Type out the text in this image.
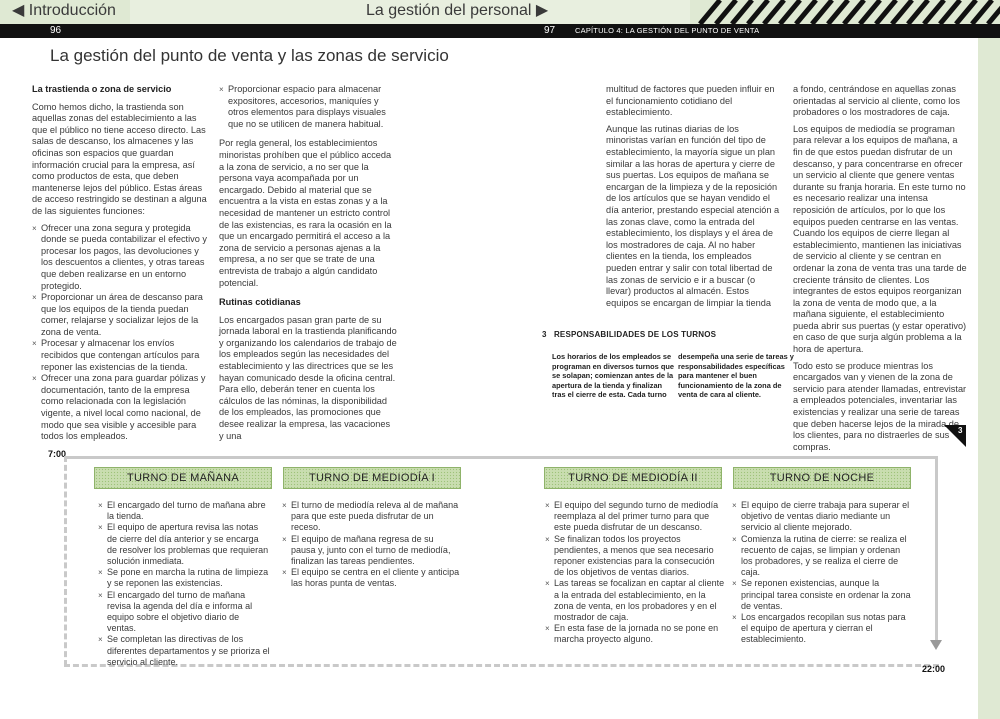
◀ Introducción	La gestión del personal ▶
96	97	CAPÍTULO 4: LA GESTIÓN DEL PUNTO DE VENTA
La gestión del punto de venta y las zonas de servicio
La trastienda o zona de servicio

Como hemos dicho, la trastienda son aquellas zonas del establecimiento a las que el público no tiene acceso directo. Las salas de descanso, los almacenes y las oficinas son espacios que guardan información crucial para la empresa, así como productos de esta, que deben mantenerse lejos del público. Estas áreas de acceso restringido se destinan a alguna de las siguientes funciones:

× Ofrecer una zona segura y protegida donde se pueda contabilizar el efectivo y procesar los pagos, las devoluciones y los descuentos a clientes, y otras tareas que deben realizarse en un entorno protegido.
× Proporcionar un área de descanso para que los equipos de la tienda puedan comer, relajarse y socializar lejos de la zona de venta.
× Procesar y almacenar los envíos recibidos que contengan artículos para reponer las existencias de la tienda.
× Ofrecer una zona para guardar pólizas y documentación, tanto de la empresa como relacionada con la legislación vigente, a nivel local como nacional, de modo que sea visible y accesible para todos los empleados.
× Proporcionar espacio para almacenar expositores, accesorios, maniquíes y otros elementos para displays visuales que no se utilicen de manera habitual.

Por regla general, los establecimientos minoristas prohíben que el público acceda a la zona de servicio, a no ser que la persona vaya acompañada por un encargado. Debido al material que se encuentra a la vista en estas zonas y a la necesidad de mantener un estricto control de las existencias, es rara la ocasión en la que un encargado permitirá el acceso a la zona de servicio a personas ajenas a la empresa, a no ser que se trate de una entrevista de trabajo a algún candidato potencial.

Rutinas cotidianas

Los encargados pasan gran parte de su jornada laboral en la trastienda planificando y organizando los calendarios de trabajo de los empleados según las necesidades del establecimiento y las directrices que se les hayan comunicado desde la oficina central. Para ello, deberán tener en cuenta los cálculos de las nóminas, la disponibilidad de los empleados, las promociones que desee realizar la empresa, las vacaciones y una

multitud de factores que pueden influir en el funcionamiento cotidiano del establecimiento.

Aunque las rutinas diarias de los minoristas varían en función del tipo de establecimiento, la mayoría sigue un plan similar a las horas de apertura y cierre de sus puertas. Los equipos de mañana se encargan de la limpieza y de la reposición de los artículos que se hayan vendido el día anterior, prestando especial atención a las zonas clave, como la entrada del establecimiento, los displays y el área de los mostradores de caja. Al no haber clientes en la tienda, los empleados pueden entrar y salir con total libertad de las zonas de servicio e ir a buscar (o llevar) productos al almacén. Estos equipos se encargan de limpiar la tienda

a fondo, centrándose en aquellas zonas orientadas al servicio al cliente, como los probadores o los mostradores de caja.

Los equipos de mediodía se programan para relevar a los equipos de mañana, a fin de que estos puedan disfrutar de un descanso, y para concentrarse en ofrecer un servicio al cliente que genere ventas durante su franja horaria. En este turno no es necesario realizar una intensa reposición de artículos, por lo que los equipos pueden centrarse en las ventas. Cuando los equipos de cierre llegan al establecimiento, mantienen las iniciativas de servicio al cliente y se centran en ordenar la zona de venta tras una tarde de creciente tránsito de clientes. Los integrantes de estos equipos reorganizan la zona de venta de modo que, a la mañana siguiente, el establecimiento pueda abrir sus puertas (y estar operativo) en caso de que surja algún problema a la hora de apertura.

Todo esto se produce mientras los encargados van y vienen de la zona de servicio para atender llamadas, entrevistar a empleados potenciales, inventariar las existencias y realizar una serie de tareas que deben hacerse lejos de la mirada de los clientes, para no distraerles de sus compras.

3 RESPONSABILIDADES DE LOS TURNOS
Los horarios de los empleados se programan en diversos turnos que se solapan; comienzan antes de la apertura de la tienda y finalizan tras el cierre de esta. Cada turno
desempeña una serie de tareas y responsabilidades específicas para mantener el buen funcionamiento de la zona de venta de cara al cliente.
3
7:00
22:00
TURNO DE MAÑANA
× El encargado del turno de mañana abre la tienda.
× El equipo de apertura revisa las notas de cierre del día anterior y se encarga de resolver los problemas que requieran solución inmediata.
× Se pone en marcha la rutina de limpieza y se reponen las existencias.
× El encargado del turno de mañana revisa la agenda del día e informa al equipo sobre el objetivo diario de ventas.
× Se completan las directivas de los diferentes departamentos y se prioriza el servicio al cliente.
TURNO DE MEDIODÍA I
× El turno de mediodía releva al de mañana para que este pueda disfrutar de un receso.
× El equipo de mañana regresa de su pausa y, junto con el turno de mediodía, finalizan las tareas pendientes.
× El equipo se centra en el cliente y anticipa las horas punta de ventas.
TURNO DE MEDIODÍA II
× El equipo del segundo turno de mediodía reemplaza al del primer turno para que este pueda disfrutar de un descanso.
× Se finalizan todos los proyectos pendientes, a menos que sea necesario reponer existencias para la consecución de los objetivos de ventas diarios.
× Las tareas se focalizan en captar al cliente a la entrada del establecimiento, en la zona de venta, en los probadores y en el mostrador de caja.
× En esta fase de la jornada no se pone en marcha proyecto alguno.
TURNO DE NOCHE
× El equipo de cierre trabaja para superar el objetivo de ventas diario mediante un servicio al cliente mejorado.
× Comienza la rutina de cierre: se realiza el recuento de cajas, se limpian y ordenan los probadores, y se realiza el cierre de caja.
× Se reponen existencias, aunque la principal tarea consiste en ordenar la zona de ventas.
× Los encargados recopilan sus notas para el equipo de apertura y cierran el establecimiento.
